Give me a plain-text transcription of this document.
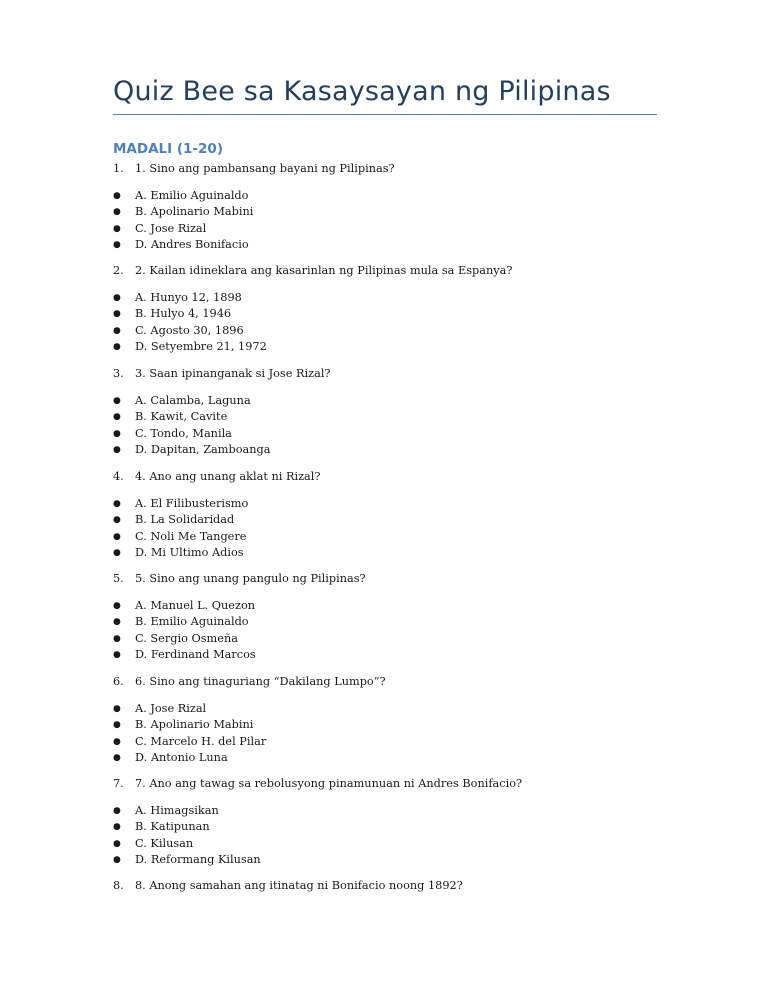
Quiz Bee sa Kasaysayan ng Pilipinas
MADALI (1-20)
1. 1. Sino ang pambansang bayani ng Pilipinas?
● A. Emilio Aguinaldo
● B. Apolinario Mabini
● C. Jose Rizal
● D. Andres Bonifacio
2. 2. Kailan idineklara ang kasarinlan ng Pilipinas mula sa Espanya?
● A. Hunyo 12, 1898
● B. Hulyo 4, 1946
● C. Agosto 30, 1896
● D. Setyembre 21, 1972
3. 3. Saan ipinanganak si Jose Rizal?
● A. Calamba, Laguna
● B. Kawit, Cavite
● C. Tondo, Manila
● D. Dapitan, Zamboanga
4. 4. Ano ang unang aklat ni Rizal?
● A. El Filibusterismo
● B. La Solidaridad
● C. Noli Me Tangere
● D. Mi Ultimo Adios
5. 5. Sino ang unang pangulo ng Pilipinas?
● A. Manuel L. Quezon
● B. Emilio Aguinaldo
● C. Sergio Osmeña
● D. Ferdinand Marcos
6. 6. Sino ang tinaguriang “Dakilang Lumpo”?
● A. Jose Rizal
● B. Apolinario Mabini
● C. Marcelo H. del Pilar
● D. Antonio Luna
7. 7. Ano ang tawag sa rebolusyong pinamunuan ni Andres Bonifacio?
● A. Himagsikan
● B. Katipunan
● C. Kilusan
● D. Reformang Kilusan
8. 8. Anong samahan ang itinatag ni Bonifacio noong 1892?
